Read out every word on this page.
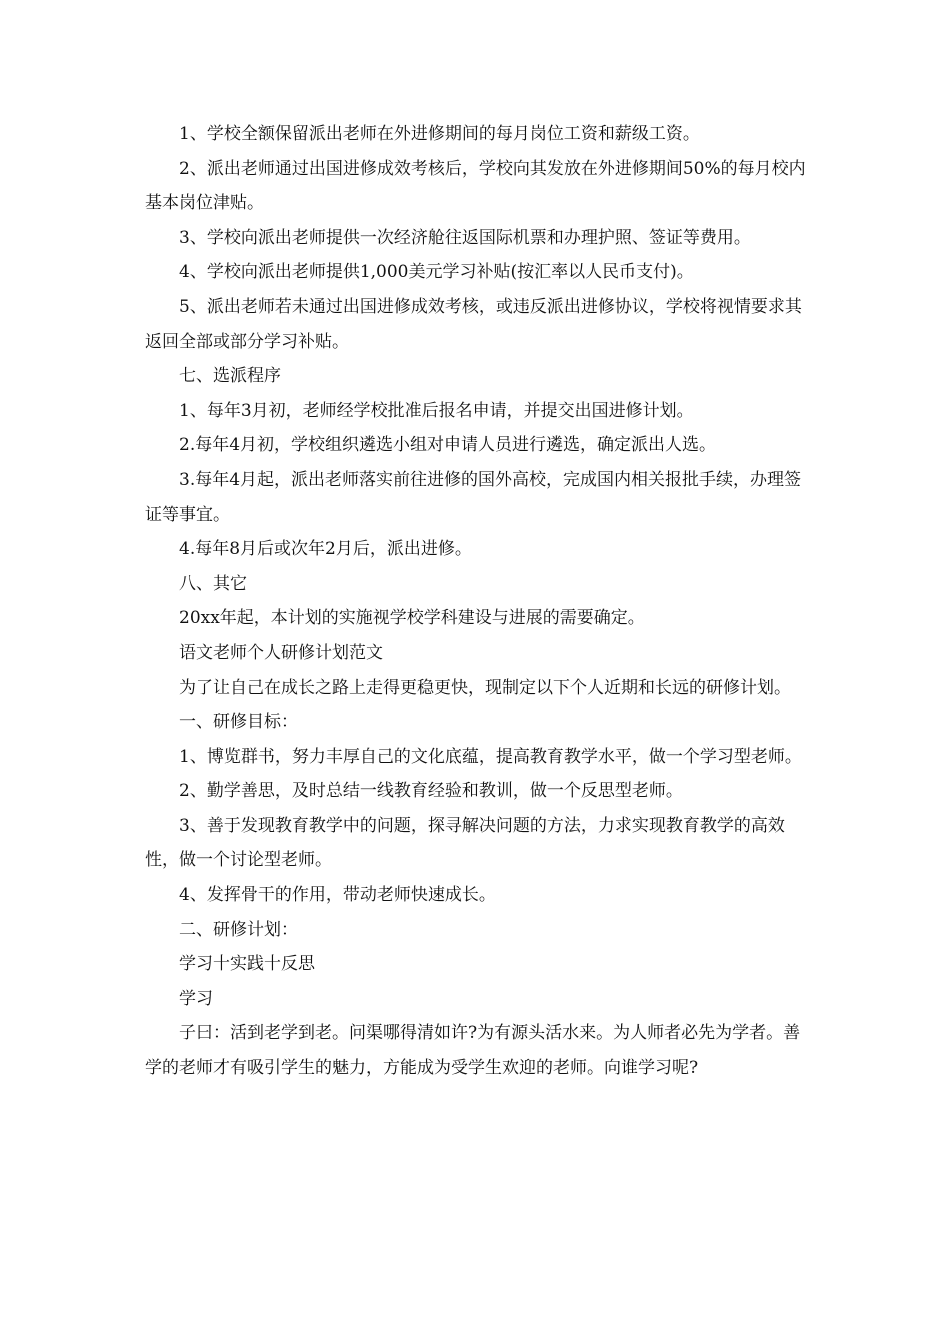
1、学校全额保留派出老师在外进修期间的每月岗位工资和薪级工资。

2、派出老师通过出国进修成效考核后，学校向其发放在外进修期间50%的每月校内基本岗位津贴。

3、学校向派出老师提供一次经济舱往返国际机票和办理护照、签证等费用。

4、学校向派出老师提供1,000美元学习补贴(按汇率以人民币支付)。

5、派出老师若未通过出国进修成效考核，或违反派出进修协议，学校将视情要求其返回全部或部分学习补贴。

七、选派程序

1、每年3月初，老师经学校批准后报名申请，并提交出国进修计划。

2.每年4月初，学校组织遴选小组对申请人员进行遴选，确定派出人选。

3.每年4月起，派出老师落实前往进修的国外高校，完成国内相关报批手续，办理签证等事宜。

4.每年8月后或次年2月后，派出进修。

八、其它

20xx年起，本计划的实施视学校学科建设与进展的需要确定。

语文老师个人研修计划范文

为了让自己在成长之路上走得更稳更快，现制定以下个人近期和长远的研修计划。

一、研修目标：

1、博览群书，努力丰厚自己的文化底蕴，提高教育教学水平，做一个学习型老师。

2、勤学善思，及时总结一线教育经验和教训，做一个反思型老师。

3、善于发现教育教学中的问题，探寻解决问题的方法，力求实现教育教学的高效性，做一个讨论型老师。

4、发挥骨干的作用，带动老师快速成长。

二、研修计划：

学习十实践十反思

学习

子曰：活到老学到老。问渠哪得清如许?为有源头活水来。为人师者必先为学者。善学的老师才有吸引学生的魅力，方能成为受学生欢迎的老师。向谁学习呢?
